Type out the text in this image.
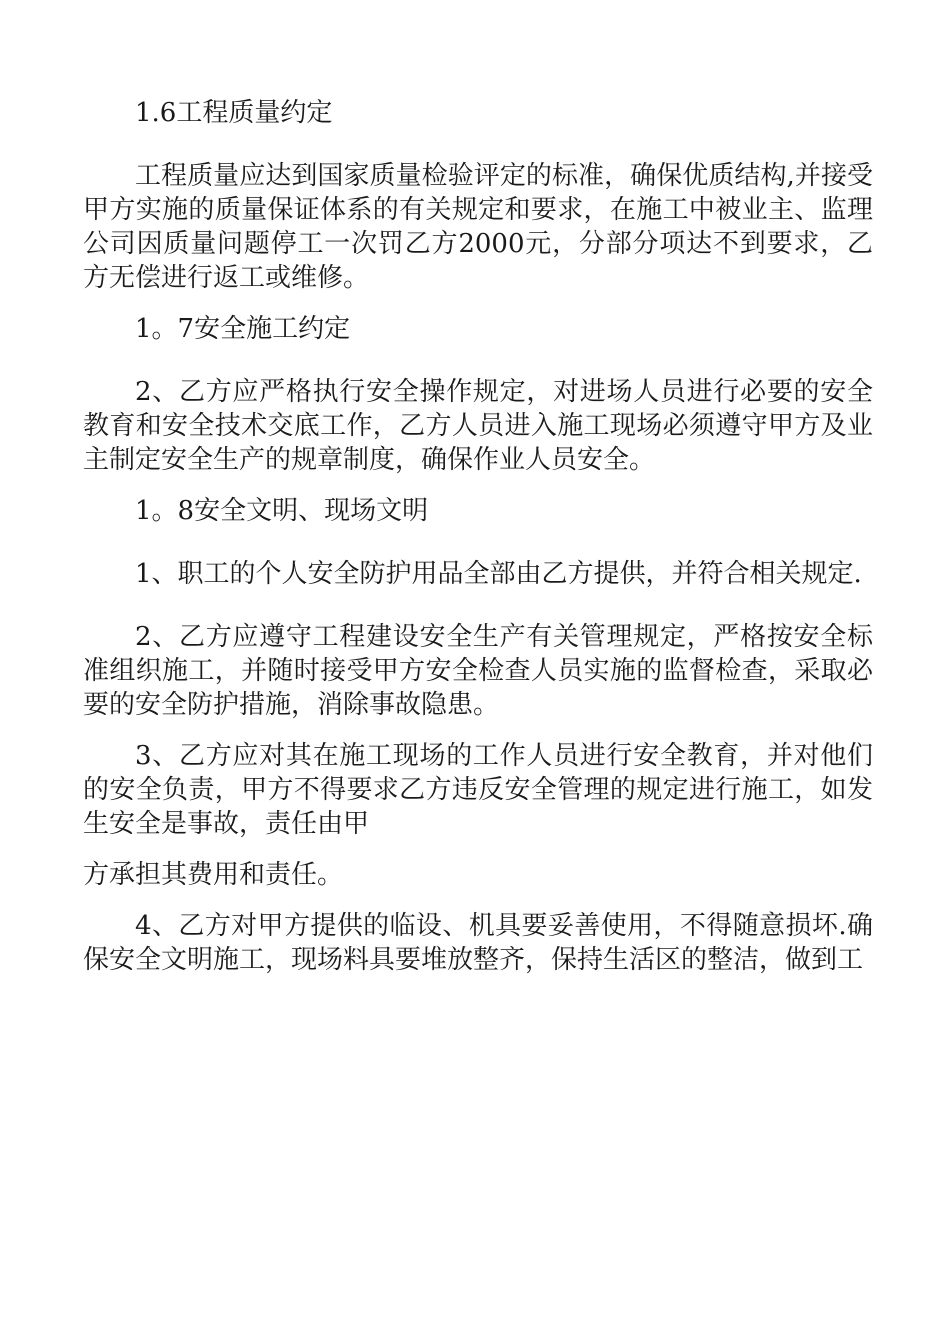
1.6工程质量约定

工程质量应达到国家质量检验评定的标准，确保优质结构,并接受甲方实施的质量保证体系的有关规定和要求，在施工中被业主、监理公司因质量问题停工一次罚乙方2000元，分部分项达不到要求，乙方无偿进行返工或维修。

1。7安全施工约定

2、乙方应严格执行安全操作规定，对进场人员进行必要的安全教育和安全技术交底工作，乙方人员进入施工现场必须遵守甲方及业主制定安全生产的规章制度，确保作业人员安全。

1。8安全文明、现场文明

1、职工的个人安全防护用品全部由乙方提供，并符合相关规定.

2、乙方应遵守工程建设安全生产有关管理规定，严格按安全标准组织施工，并随时接受甲方安全检查人员实施的监督检查，采取必要的安全防护措施，消除事故隐患。

3、乙方应对其在施工现场的工作人员进行安全教育，并对他们的安全负责，甲方不得要求乙方违反安全管理的规定进行施工，如发生安全是事故，责任由甲

方承担其费用和责任。

4、乙方对甲方提供的临设、机具要妥善使用，不得随意损坏.确保安全文明施工，现场料具要堆放整齐，保持生活区的整洁，做到工
